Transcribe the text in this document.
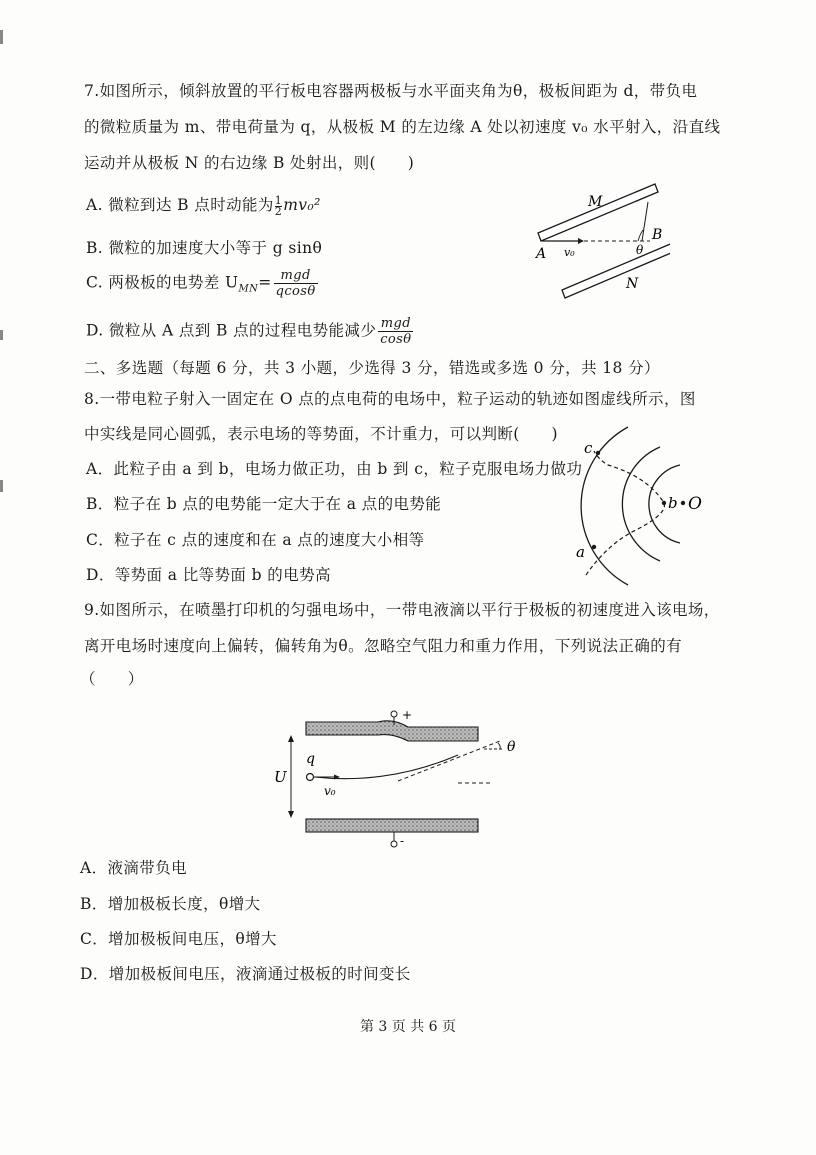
7.如图所示，倾斜放置的平行板电容器两极板与水平面夹角为θ，极板间距为 d，带负电
的微粒质量为 m、带电荷量为 q，从极板 M 的左边缘 A 处以初速度 v₀ 水平射入，沿直线
运动并从极板 N 的右边缘 B 处射出，则(　　)
A. 微粒到达 B 点时动能为 $\frac{1}{2}mv_0^2$
B. 微粒的加速度大小等于 g sinθ
C. 两极板的电势差 $U_{MN}= \frac{\text{mgd}}{qcos\theta}$
D. 微粒从 A 点到 B 点的过程电势能减少 $\frac{\text{mgd}}{\cos\theta}$
M
N
A
B
v₀	θ
二、多选题（每题 6 分，共 3 小题，少选得 3 分，错选或多选 0 分，共 18 分）
8.一带电粒子射入一固定在 O 点的点电荷的电场中，粒子运动的轨迹如图虚线所示，图
中实线是同心圆弧，表示电场的等势面，不计重力，可以判断(　　)
A．此粒子由 a 到 b，电场力做正功，由 b 到 c，粒子克服电场力做功
B．粒子在 b 点的电势能一定大于在 a 点的电势能
C．粒子在 c 点的速度和在 a 点的速度大小相等
D．等势面 a 比等势面 b 的电势高
c
a
b O
9.如图所示，在喷墨打印机的匀强电场中，一带电液滴以平行于极板的初速度进入该电场，
离开电场时速度向上偏转，偏转角为θ。忽略空气阻力和重力作用，下列说法正确的有
（　　）
+
-
U
q
v₀
θ
A．液滴带负电
B．增加极板长度，θ增大
C．增加极板间电压，θ增大
D．增加极板间电压，液滴通过极板的时间变长
第 3 页 共 6 页
